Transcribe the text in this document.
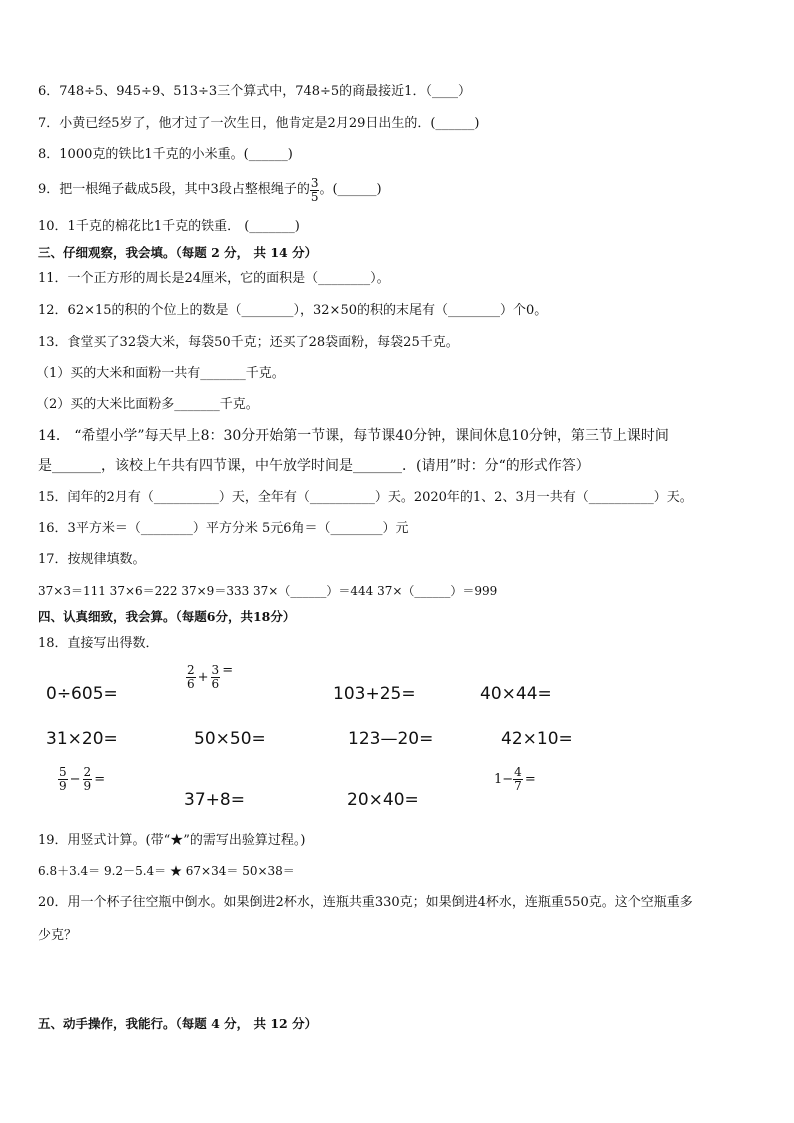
6．748÷5、945÷9、513÷3三个算式中，748÷5的商最接近1．（____）
7．小黄已经5岁了，他才过了一次生日，他肯定是2月29日出生的．(______)
8．1000克的铁比1千克的小米重。(______)
9．把一根绳子截成5段，其中3段占整根绳子的 $\frac{3}{5}$ 。(______)
10．1千克的棉花比1千克的铁重． (_______)
三、仔细观察，我会填。（每题 2 分， 共 14 分）
11．一个正方形的周长是24厘米，它的面积是（________）。
12．62×15的积的个位上的数是（________），32×50的积的末尾有（________）个0。
13．食堂买了32袋大米，每袋50千克；还买了28袋面粉，每袋25千克。
（1）买的大米和面粉一共有_______千克。
（2）买的大米比面粉多_______千克。
14． “希望小学”每天早上8：30分开始第一节课，每节课40分钟，课间休息10分钟，第三节上课时间
是_______，该校上午共有四节课，中午放学时间是_______．(请用”时：分“的形式作答）
15．闰年的2月有（__________）天，全年有（__________）天。2020年的1、2、3月一共有（__________）天。
16．3平方米＝（________）平方分米 5元6角＝（________）元
17．按规律填数。
37×3＝111 37×6＝222 37×9＝333 37×（______）＝444 37×（______）＝999
四、认真细致，我会算。（每题6分，共18分）
18．直接写出得数．
0÷605=
$\frac{2}{6} + \frac{3}{6}$ =
103+25=	40×44=
31×20=	50×50=	123—20=	42×10=
$\frac{5}{9} - \frac{2}{9}$ =
37+8=	20×40=
$1- \frac{4}{7}$ =
19．用竖式计算。(带“★”的需写出验算过程。)
6.8＋3.4＝ 9.2－5.4＝ ★ 67×34＝ 50×38＝
20．用一个杯子往空瓶中倒水。如果倒进2杯水，连瓶共重330克；如果倒进4杯水，连瓶重550克。这个空瓶重多
少克？
五、动手操作，我能行。（每题 4 分， 共 12 分）
